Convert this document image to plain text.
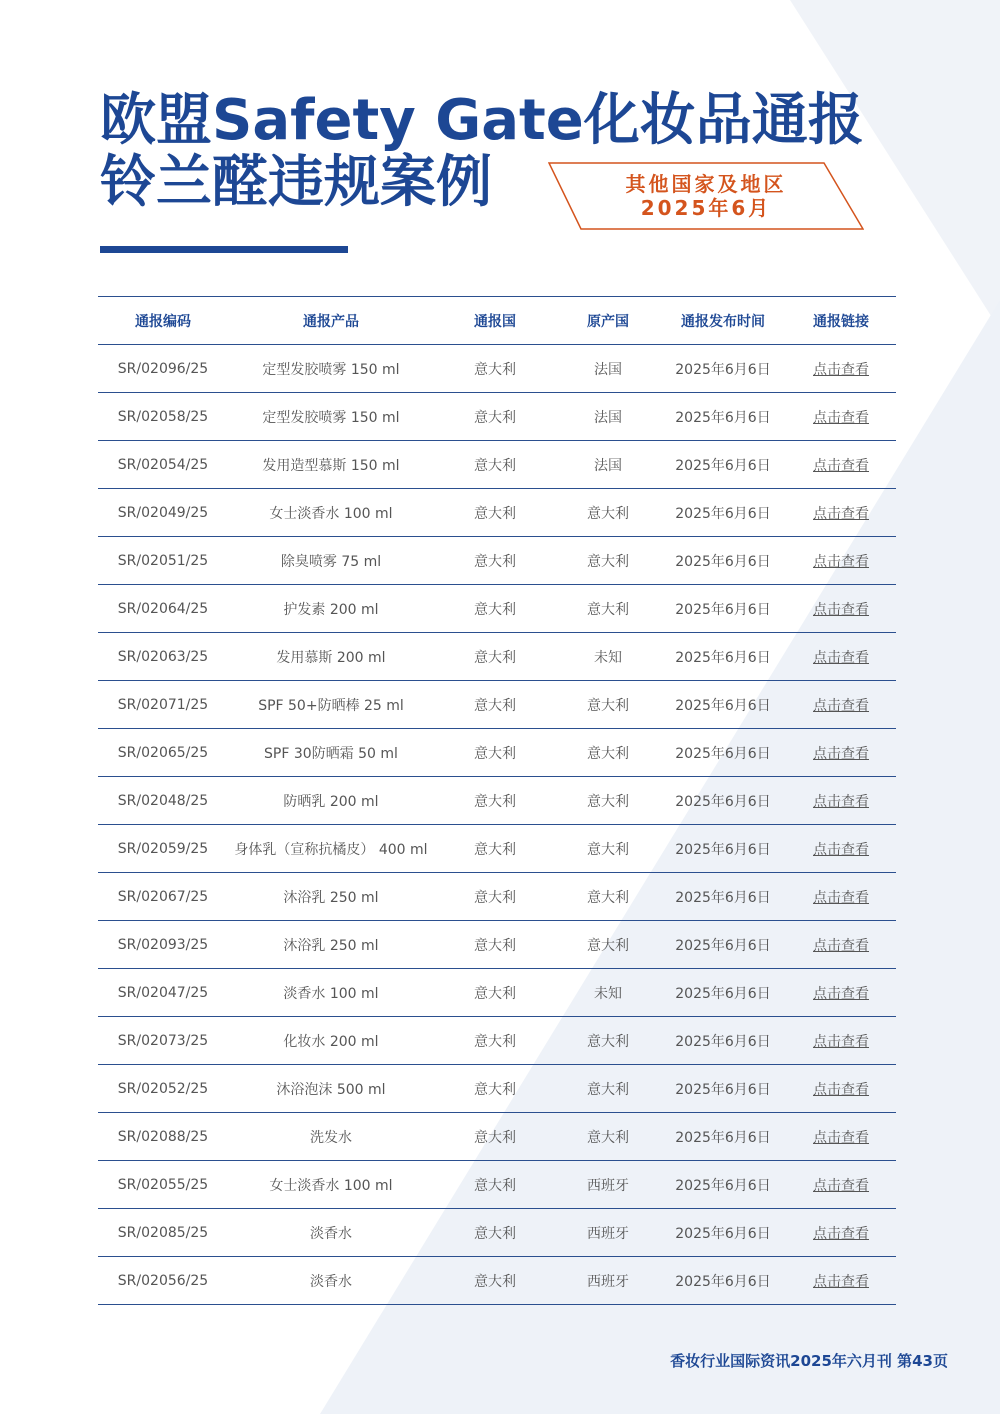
欧盟Safety Gate化妆品通报
铃兰醛违规案例	其他国家及地区
2025年6月
通报编码	通报产品	通报国	原产国	通报发布时间	通报链接
SR/02096/25	定型发胶喷雾 150 ml	意大利	法国	2025年6月6日	点击查看
SR/02058/25	定型发胶喷雾 150 ml	意大利	法国	2025年6月6日	点击查看
SR/02054/25	发用造型慕斯 150 ml	意大利	法国	2025年6月6日	点击查看
SR/02049/25	女士淡香水 100 ml	意大利	意大利	2025年6月6日	点击查看
SR/02051/25	除臭喷雾 75 ml	意大利	意大利	2025年6月6日	点击查看
SR/02064/25	护发素 200 ml	意大利	意大利	2025年6月6日	点击查看
SR/02063/25	发用慕斯 200 ml	意大利	未知	2025年6月6日	点击查看
SR/02071/25	SPF 50+防晒棒 25 ml	意大利	意大利	2025年6月6日	点击查看
SR/02065/25	SPF 30防晒霜 50 ml	意大利	意大利	2025年6月6日	点击查看
SR/02048/25	防晒乳 200 ml	意大利	意大利	2025年6月6日	点击查看
SR/02059/25	身体乳（宣称抗橘皮） 400 ml	意大利	意大利	2025年6月6日	点击查看
SR/02067/25	沐浴乳 250 ml	意大利	意大利	2025年6月6日	点击查看
SR/02093/25	沐浴乳 250 ml	意大利	意大利	2025年6月6日	点击查看
SR/02047/25	淡香水 100 ml	意大利	未知	2025年6月6日	点击查看
SR/02073/25	化妆水 200 ml	意大利	意大利	2025年6月6日	点击查看
SR/02052/25	沐浴泡沫 500 ml	意大利	意大利	2025年6月6日	点击查看
SR/02088/25	洗发水	意大利	意大利	2025年6月6日	点击查看
SR/02055/25	女士淡香水 100 ml	意大利	西班牙	2025年6月6日	点击查看
SR/02085/25	淡香水	意大利	西班牙	2025年6月6日	点击查看
SR/02056/25	淡香水	意大利	西班牙	2025年6月6日	点击查看
香妆行业国际资讯2025年六月刊 第43页
